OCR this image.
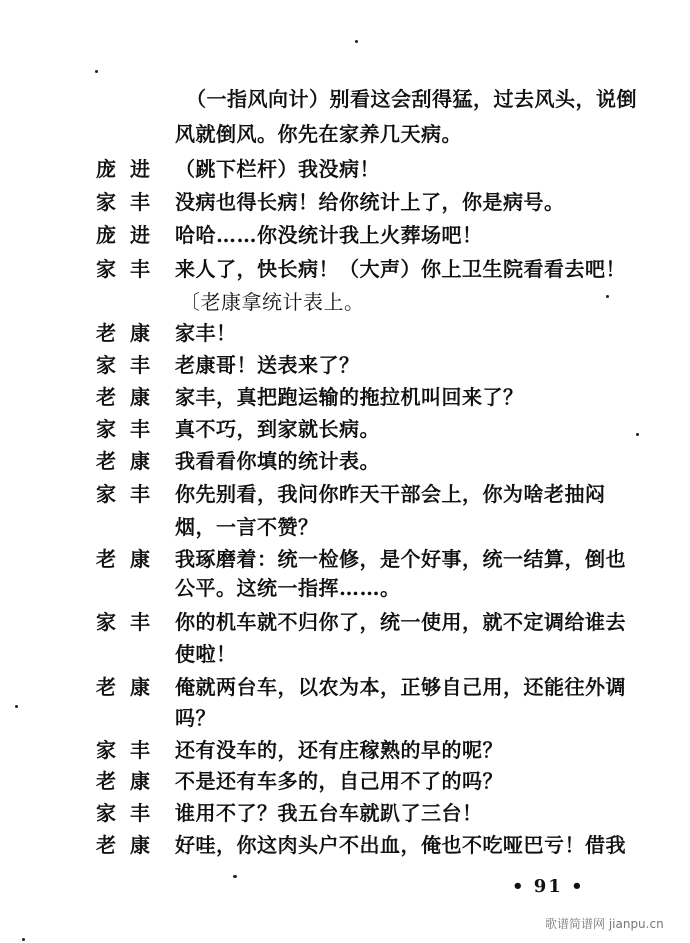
（一指风向计）别看这会刮得猛，过去风头，说倒
风就倒风。你先在家养几天病。
庞进 （跳下栏杆）我没病！
家丰 没病也得长病！给你统计上了，你是病号。
庞进 哈哈……你没统计我上火葬场吧！
家丰 来人了，快长病！（大声）你上卫生院看看去吧！
〔老康拿统计表上。
老康 家丰！
家丰 老康哥！送表来了？
老康 家丰，真把跑运输的拖拉机叫回来了？
家丰 真不巧，到家就长病。
老康 我看看你填的统计表。
家丰 你先别看，我问你昨天干部会上，你为啥老抽闷
烟，一言不赞？
老康 我琢磨着：统一检修，是个好事，统一结算，倒也
公平。这统一指挥……。
家丰 你的机车就不归你了，统一使用，就不定调给谁去
使啦！
老康 俺就两台车，以农为本，正够自己用，还能往外调
吗？
家丰 还有没车的，还有庄稼熟的早的呢？
老康 不是还有车多的，自己用不了的吗？
家丰 谁用不了？我五台车就趴了三台！
老康 好哇，你这肉头户不出血，俺也不吃哑巴亏！借我
• 91 •
歌谱简谱网 jianpu.cn
